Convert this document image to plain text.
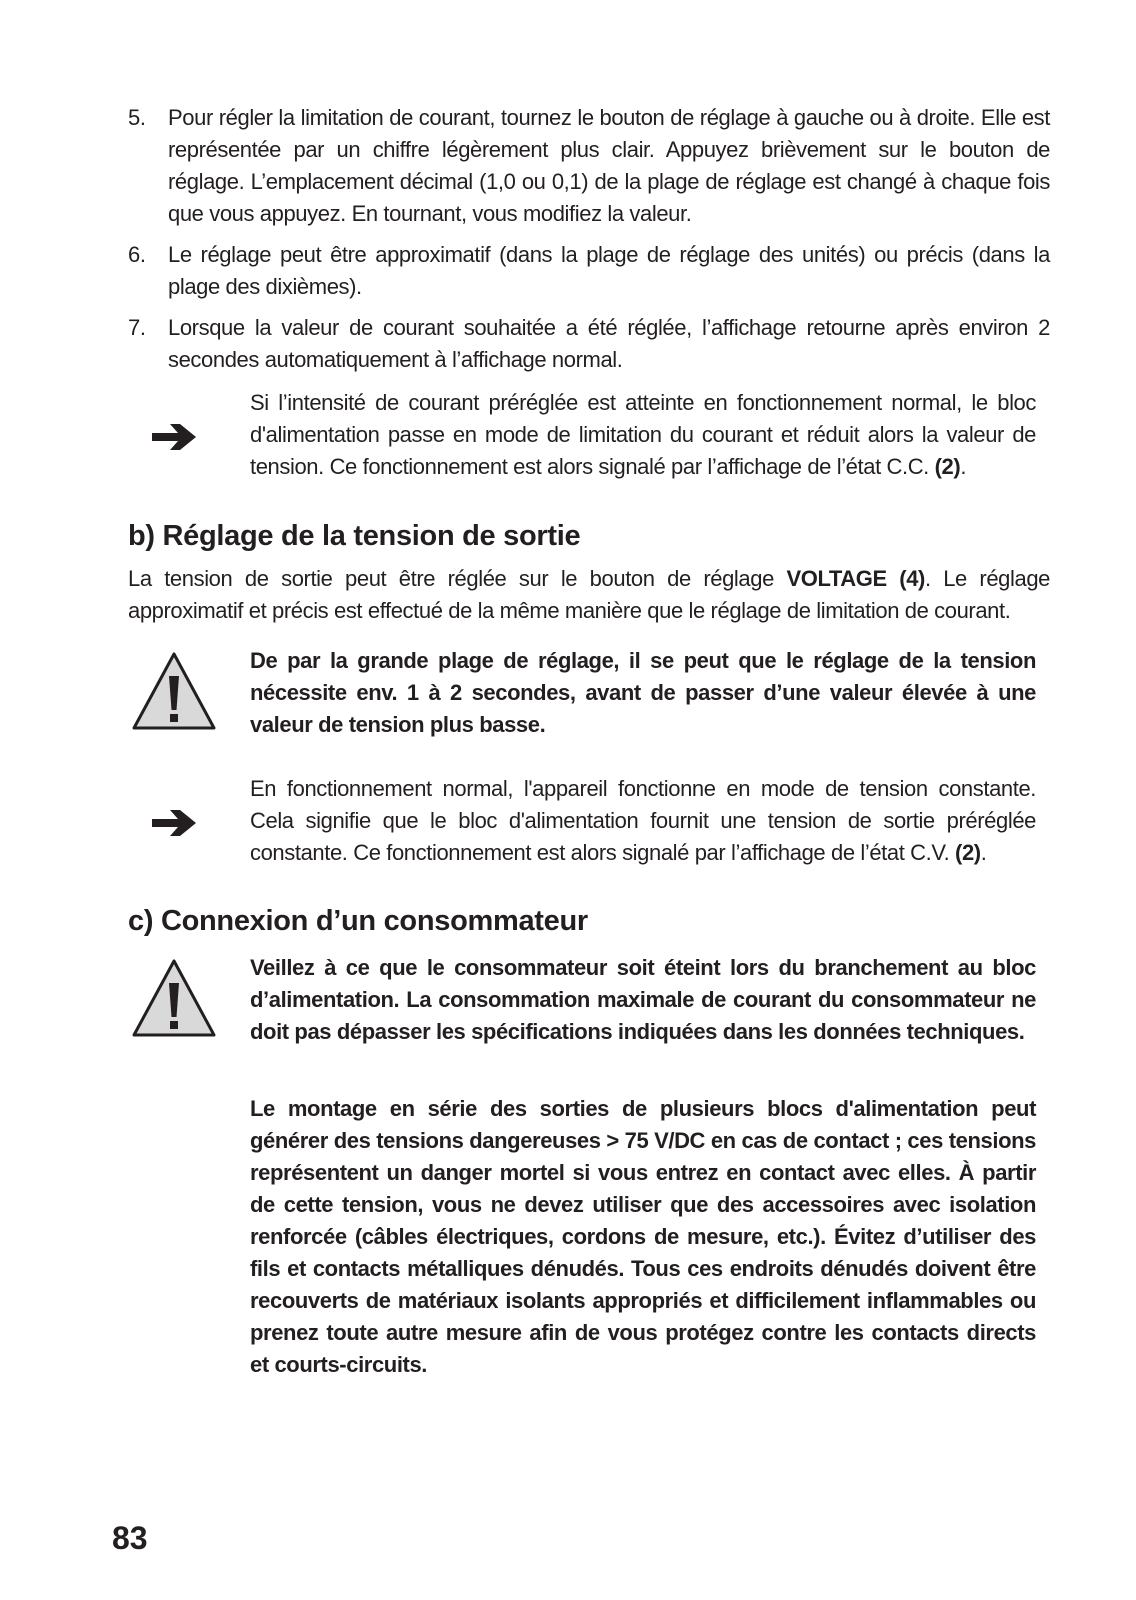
5. Pour régler la limitation de courant, tournez le bouton de réglage à gauche ou à droite. Elle est représentée par un chiffre légèrement plus clair. Appuyez brièvement sur le bouton de réglage. L’emplacement décimal (1,0 ou 0,1) de la plage de réglage est changé à chaque fois que vous appuyez. En tournant, vous modifiez la valeur.

6. Le réglage peut être approximatif (dans la plage de réglage des unités) ou précis (dans la plage des dixièmes).

7. Lorsque la valeur de courant souhaitée a été réglée, l’affichage retourne après environ 2 secondes automatiquement à l’affichage normal.

Si l’intensité de courant préréglée est atteinte en fonctionnement normal, le bloc d'alimentation passe en mode de limitation du courant et réduit alors la valeur de tension. Ce fonctionnement est alors signalé par l’affichage de l’état C.C. (2).

b) Réglage de la tension de sortie

La tension de sortie peut être réglée sur le bouton de réglage VOLTAGE (4). Le réglage approximatif et précis est effectué de la même manière que le réglage de limitation de courant.

De par la grande plage de réglage, il se peut que le réglage de la tension nécessite env. 1 à 2 secondes, avant de passer d’une valeur élevée à une valeur de tension plus basse.

En fonctionnement normal, l'appareil fonctionne en mode de tension constante. Cela signifie que le bloc d'alimentation fournit une tension de sortie préréglée constante. Ce fonctionnement est alors signalé par l’affichage de l’état C.V. (2).

c) Connexion d’un consommateur

Veillez à ce que le consommateur soit éteint lors du branchement au bloc d’alimentation. La consommation maximale de courant du consommateur ne doit pas dépasser les spécifications indiquées dans les données techniques.

Le montage en série des sorties de plusieurs blocs d'alimentation peut générer des tensions dangereuses > 75 V/DC en cas de contact ; ces tensions représentent un danger mortel si vous entrez en contact avec elles. À partir de cette tension, vous ne devez utiliser que des accessoires avec isolation renforcée (câbles électriques, cordons de mesure, etc.). Évitez d’utiliser des fils et contacts métalliques dénudés. Tous ces endroits dénudés doivent être recouverts de matériaux isolants appropriés et difficilement inflammables ou prenez toute autre mesure afin de vous protégez contre les contacts directs et courts-circuits.

83
